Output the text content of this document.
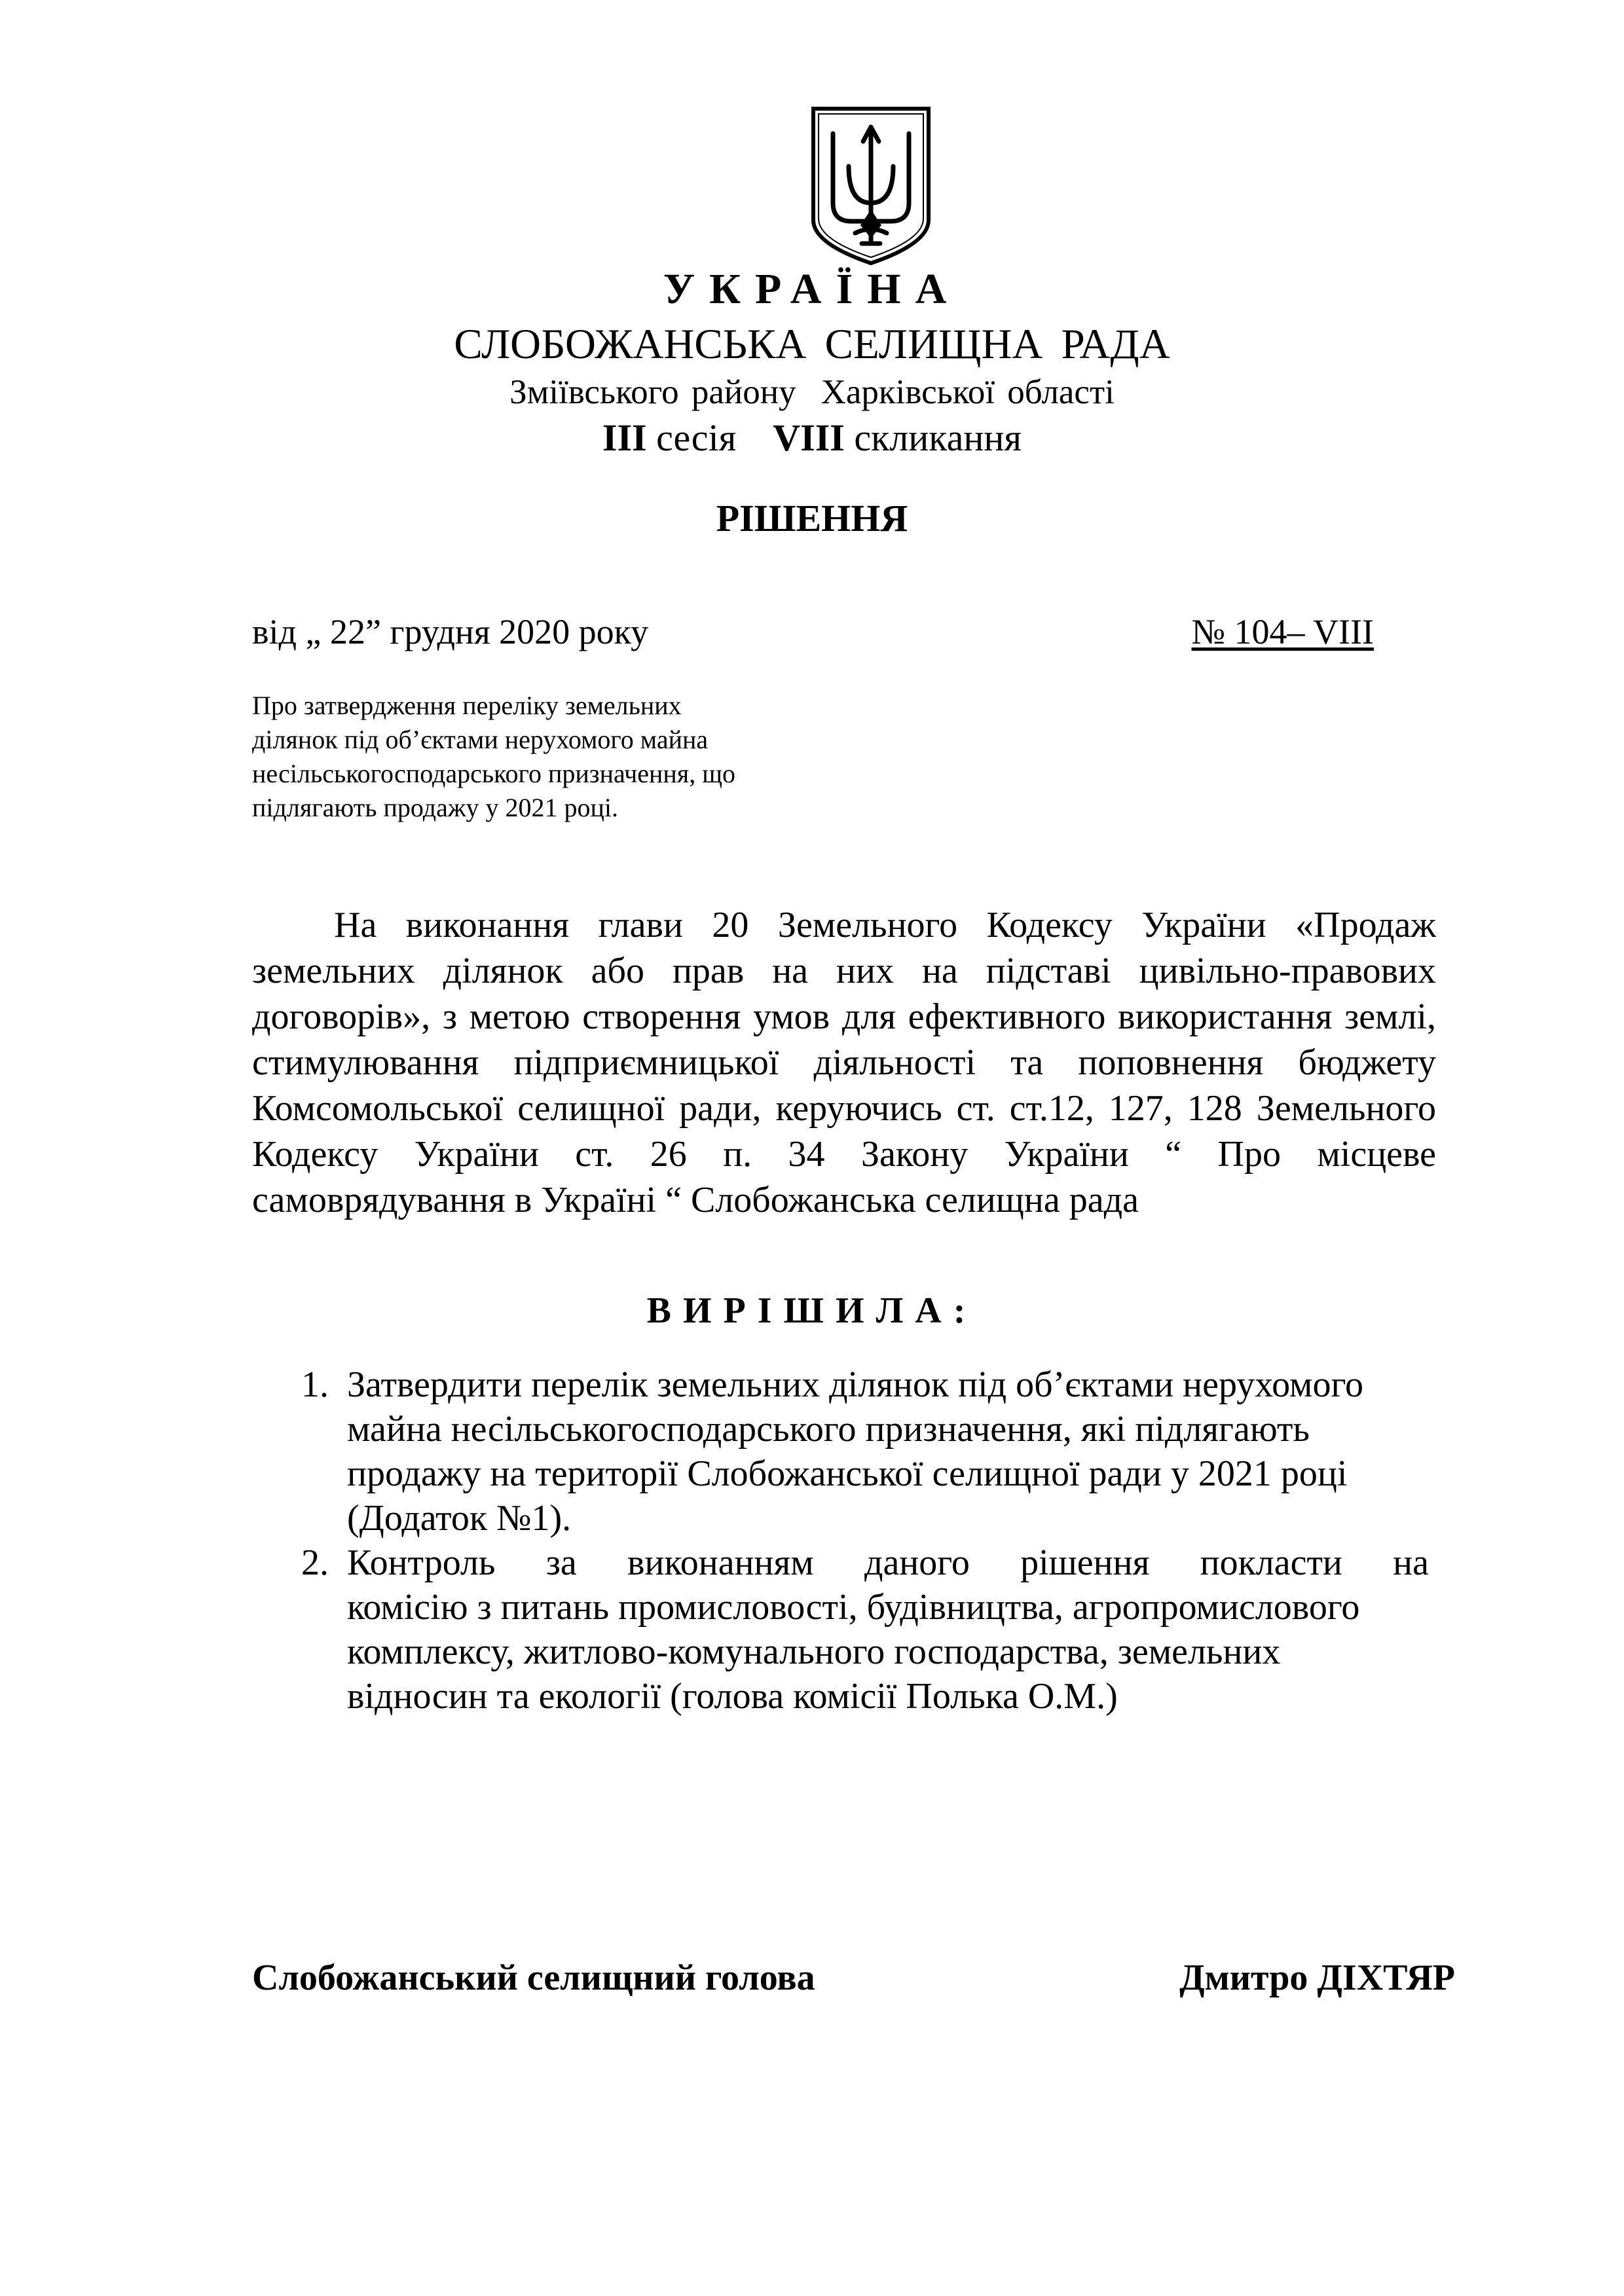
УКРАЇНА
СЛОБОЖАНСЬКА СЕЛИЩНА РАДА
Зміївського району Харківської області
ІІІ сесія VIII скликання
РІШЕННЯ
від „ 22” грудня 2020 року	№ 104– VIII
Про затвердження переліку земельних
ділянок під об’єктами нерухомого майна
несільськогосподарського призначення, що
підлягають продажу у 2021 році.
На виконання глави 20 Земельного Кодексу України «Продаж
земельних ділянок або прав на них на підставі цивільно-правових
договорів», з метою створення умов для ефективного використання землі,
стимулювання підприємницької діяльності та поповнення бюджету
Комсомольської селищної ради, керуючись ст. ст.12, 127, 128 Земельного
Кодексу України ст. 26 п. 34 Закону України “ Про місцеве
самоврядування в Україні “ Слобожанська селищна рада
ВИРІШИЛА:
1. Затвердити перелік земельних ділянок під об’єктами нерухомого
майна несільськогосподарського призначення, які підлягають
продажу на території Слобожанської селищної ради у 2021 році
(Додаток №1).
2. Контроль за виконанням даного рішення покласти на
комісію з питань промисловості, будівництва, агропромислового
комплексу, житлово-комунального господарства, земельних
відносин та екології (голова комісії Полька О.М.)
Слобожанський селищний голова	Дмитро ДІХТЯР
